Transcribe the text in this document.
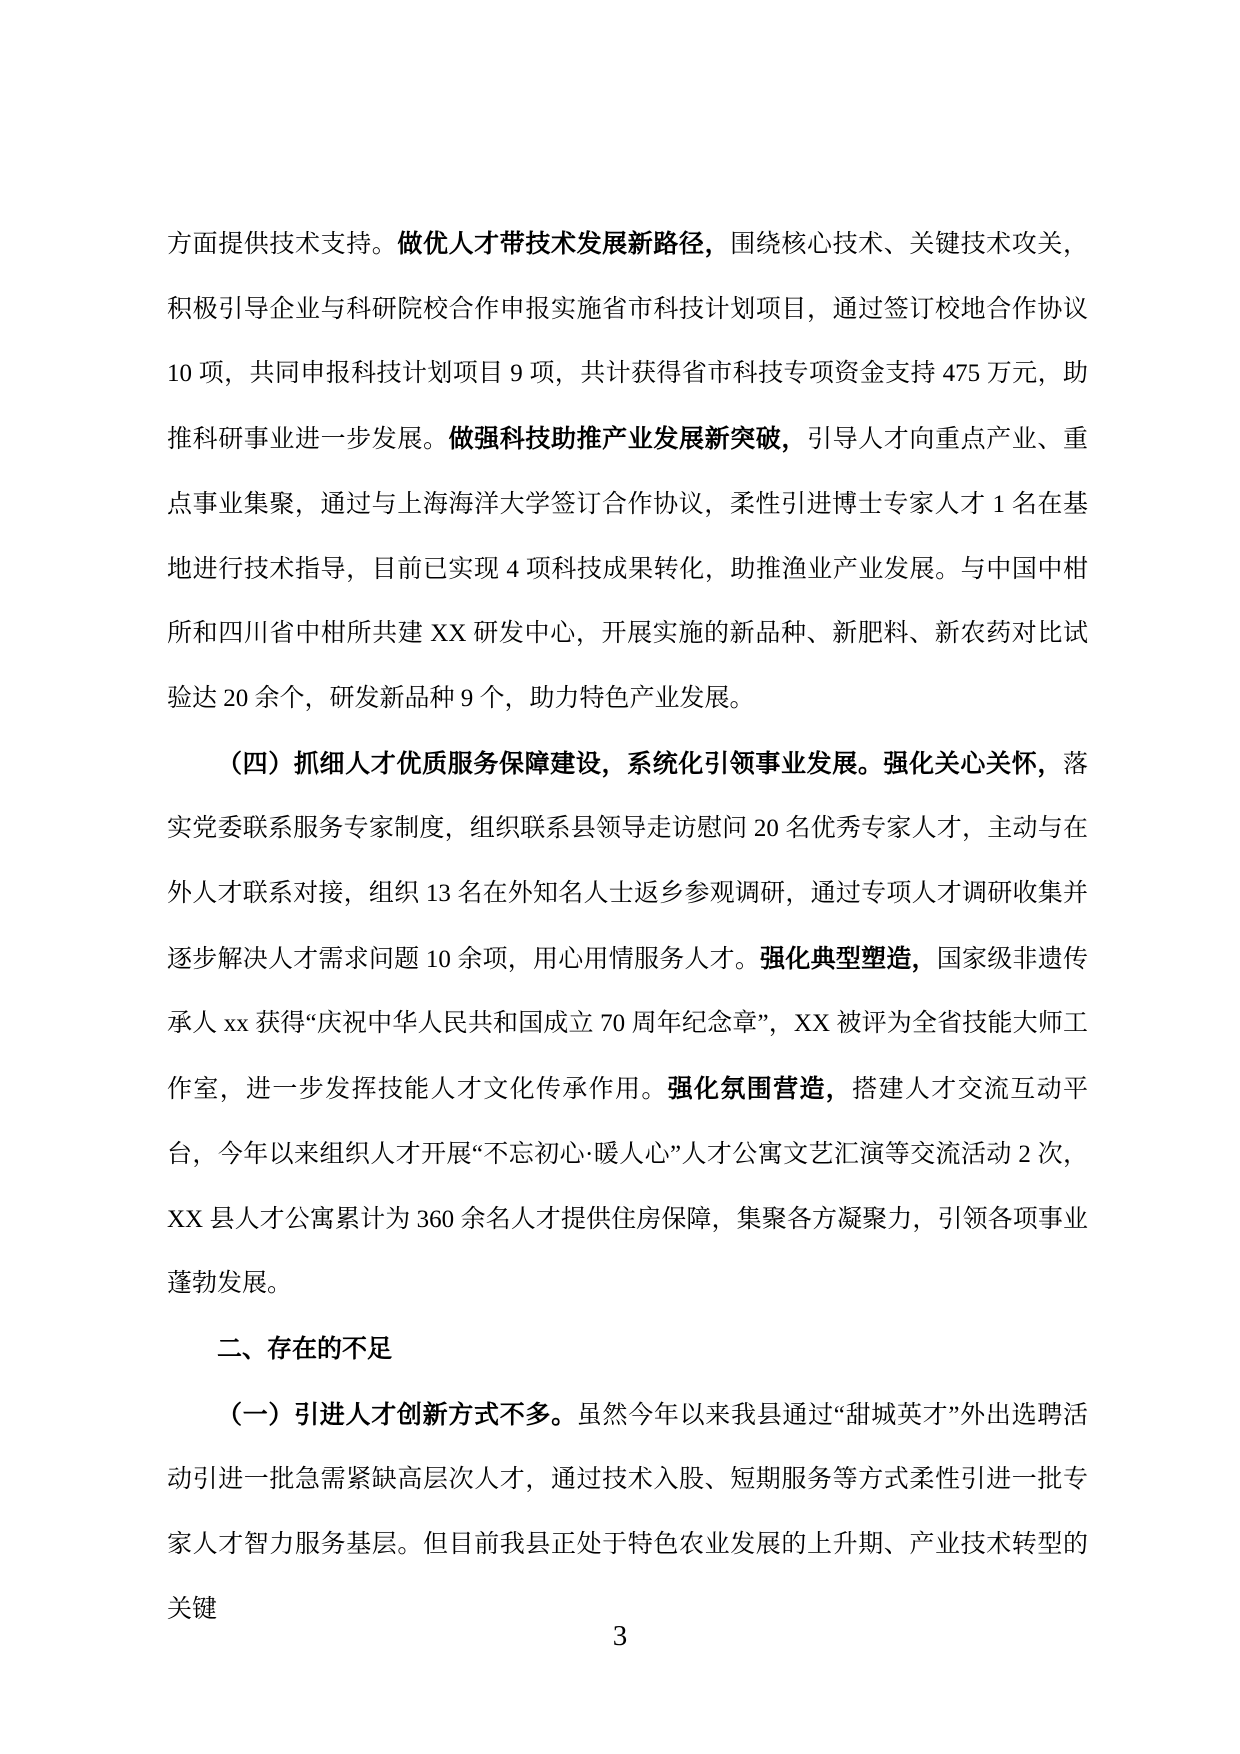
方面提供技术支持。做优人才带技术发展新路径，围绕核心技术、关键技术攻关，积极引导企业与科研院校合作申报实施省市科技计划项目，通过签订校地合作协议 10 项，共同申报科技计划项目 9 项，共计获得省市科技专项资金支持 475 万元，助推科研事业进一步发展。做强科技助推产业发展新突破，引导人才向重点产业、重点事业集聚，通过与上海海洋大学签订合作协议，柔性引进博士专家人才 1 名在基地进行技术指导，目前已实现 4 项科技成果转化，助推渔业产业发展。与中国中柑所和四川省中柑所共建 XX 研发中心，开展实施的新品种、新肥料、新农药对比试验达 20 余个，研发新品种 9 个，助力特色产业发展。

（四）抓细人才优质服务保障建设，系统化引领事业发展。强化关心关怀，落实党委联系服务专家制度，组织联系县领导走访慰问 20 名优秀专家人才，主动与在外人才联系对接，组织 13 名在外知名人士返乡参观调研，通过专项人才调研收集并逐步解决人才需求问题 10 余项，用心用情服务人才。强化典型塑造，国家级非遗传承人 xx 获得“庆祝中华人民共和国成立 70 周年纪念章”，XX 被评为全省技能大师工作室，进一步发挥技能人才文化传承作用。强化氛围营造，搭建人才交流互动平台，今年以来组织人才开展“不忘初心·暖人心”人才公寓文艺汇演等交流活动 2 次，XX 县人才公寓累计为 360 余名人才提供住房保障，集聚各方凝聚力，引领各项事业蓬勃发展。

二、存在的不足

（一）引进人才创新方式不多。虽然今年以来我县通过“甜城英才”外出选聘活动引进一批急需紧缺高层次人才，通过技术入股、短期服务等方式柔性引进一批专家人才智力服务基层。但目前我县正处于特色农业发展的上升期、产业技术转型的关键

3
